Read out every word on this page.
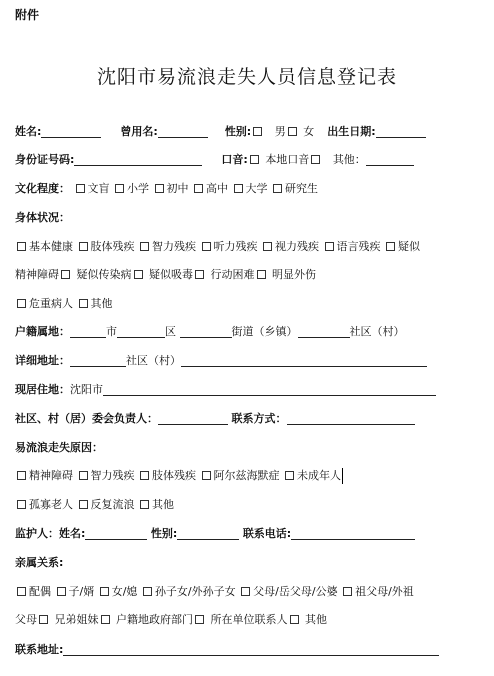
附件
沈阳市易流浪走失人员信息登记表
姓名:	曾用名:	性别: 男 女 出生日期:
身份证号码:	口音: 本地口音 其他：
文化程度： 文盲 小学 初中 高中 大学 研究生
身体状况：
基本健康 肢体残疾 智力残疾 听力残疾 视力残疾 语言残疾 疑似
精神障碍 疑似传染病 疑似吸毒 行动困难 明显外伤
危重病人 其他
户籍属地：	市	区	街道（乡镇）	社区（村）
详细地址：	社区（村）
现居住地：沈阳市
社区、村（居）委会负责人：	联系方式：
易流浪走失原因：
精神障碍 智力残疾 肢体残疾 阿尔兹海默症 未成年人
孤寡老人 反复流浪 其他
监护人：姓名:	性别:	联系电话:
亲属关系:
配偶 子/婿 女/媳 孙子女/外孙子女 父母/岳父母/公婆 祖父母/外祖
父母 兄弟姐妹 户籍地政府部门 所在单位联系人 其他
联系地址:
